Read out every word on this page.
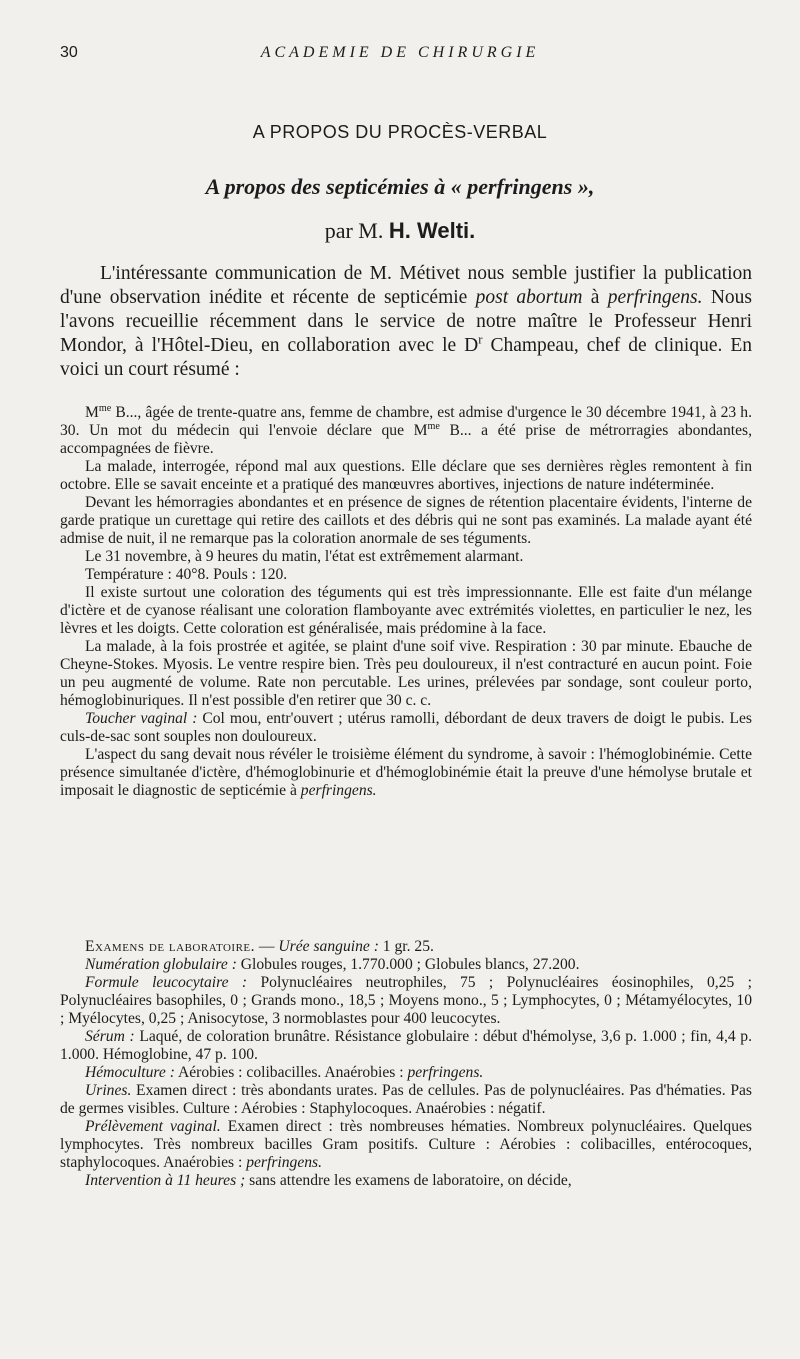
30	ACADEMIE DE CHIRURGIE
A PROPOS DU PROCÈS-VERBAL
A propos des septicémies à « perfringens »,
par M. H. Welti.
L'intéressante communication de M. Métivet nous semble justifier la publication d'une observation inédite et récente de septicémie post abortum à perfringens. Nous l'avons recueillie récemment dans le service de notre maître le Professeur Henri Mondor, à l'Hôtel-Dieu, en collaboration avec le $D^r$ Champeau, chef de clinique. En voici un court résumé :

$M^{me}$ B..., âgée de trente-quatre ans, femme de chambre, est admise d'urgence le 30 décembre 1941, à 23 h. 30. Un mot du médecin qui l'envoie déclare que $M^{me}$ B... a été prise de métrorragies abondantes, accompagnées de fièvre.

La malade, interrogée, répond mal aux questions. Elle déclare que ses dernières règles remontent à fin octobre. Elle se savait enceinte et a pratiqué des manœuvres abortives, injections de nature indéterminée.

Devant les hémorragies abondantes et en présence de signes de rétention placentaire évidents, l'interne de garde pratique un curettage qui retire des caillots et des débris qui ne sont pas examinés. La malade ayant été admise de nuit, il ne remarque pas la coloration anormale de ses téguments.

Le 31 novembre, à 9 heures du matin, l'état est extrêmement alarmant.

Température : 40°8. Pouls : 120.

Il existe surtout une coloration des téguments qui est très impressionnante. Elle est faite d'un mélange d'ictère et de cyanose réalisant une coloration flamboyante avec extrémités violettes, en particulier le nez, les lèvres et les doigts. Cette coloration est généralisée, mais prédomine à la face.

La malade, à la fois prostrée et agitée, se plaint d'une soif vive. Respiration : 30 par minute. Ebauche de Cheyne-Stokes. Myosis. Le ventre respire bien. Très peu douloureux, il n'est contracturé en aucun point. Foie un peu augmenté de volume. Rate non percutable. Les urines, prélevées par sondage, sont couleur porto, hémoglobinuriques. Il n'est possible d'en retirer que 30 c. c.

Toucher vaginal : Col mou, entr'ouvert ; utérus ramolli, débordant de deux travers de doigt le pubis. Les culs-de-sac sont souples non douloureux.

L'aspect du sang devait nous révéler le troisième élément du syndrome, à savoir : l'hémoglobinémie. Cette présence simultanée d'ictère, d'hémoglobinurie et d'hémoglobinémie était la preuve d'une hémolyse brutale et imposait le diagnostic de septicémie à perfringens.

Examens de laboratoire. — Urée sanguine : 1 gr. 25.

Numération globulaire : Globules rouges, 1.770.000 ; Globules blancs, 27.200.

Formule leucocytaire : Polynucléaires neutrophiles, 75 ; Polynucléaires éosinophiles, 0,25 ; Polynucléaires basophiles, 0 ; Grands mono., 18,5 ; Moyens mono., 5 ; Lymphocytes, 0 ; Métamyélocytes, 10 ; Myélocytes, 0,25 ; Anisocytose, 3 normoblastes pour 400 leucocytes.

Sérum : Laqué, de coloration brunâtre. Résistance globulaire : début d'hémolyse, 3,6 p. 1.000 ; fin, 4,4 p. 1.000. Hémoglobine, 47 p. 100.

Hémoculture : Aérobies : colibacilles. Anaérobies : perfringens.

Urines. Examen direct : très abondants urates. Pas de cellules. Pas de polynucléaires. Pas d'hématies. Pas de germes visibles. Culture : Aérobies : Staphylocoques. Anaérobies : négatif.

Prélèvement vaginal. Examen direct : très nombreuses hématies. Nombreux polynucléaires. Quelques lymphocytes. Très nombreux bacilles Gram positifs. Culture : Aérobies : colibacilles, entérocoques, staphylocoques. Anaérobies : perfringens.

Intervention à 11 heures ; sans attendre les examens de laboratoire, on décide,
